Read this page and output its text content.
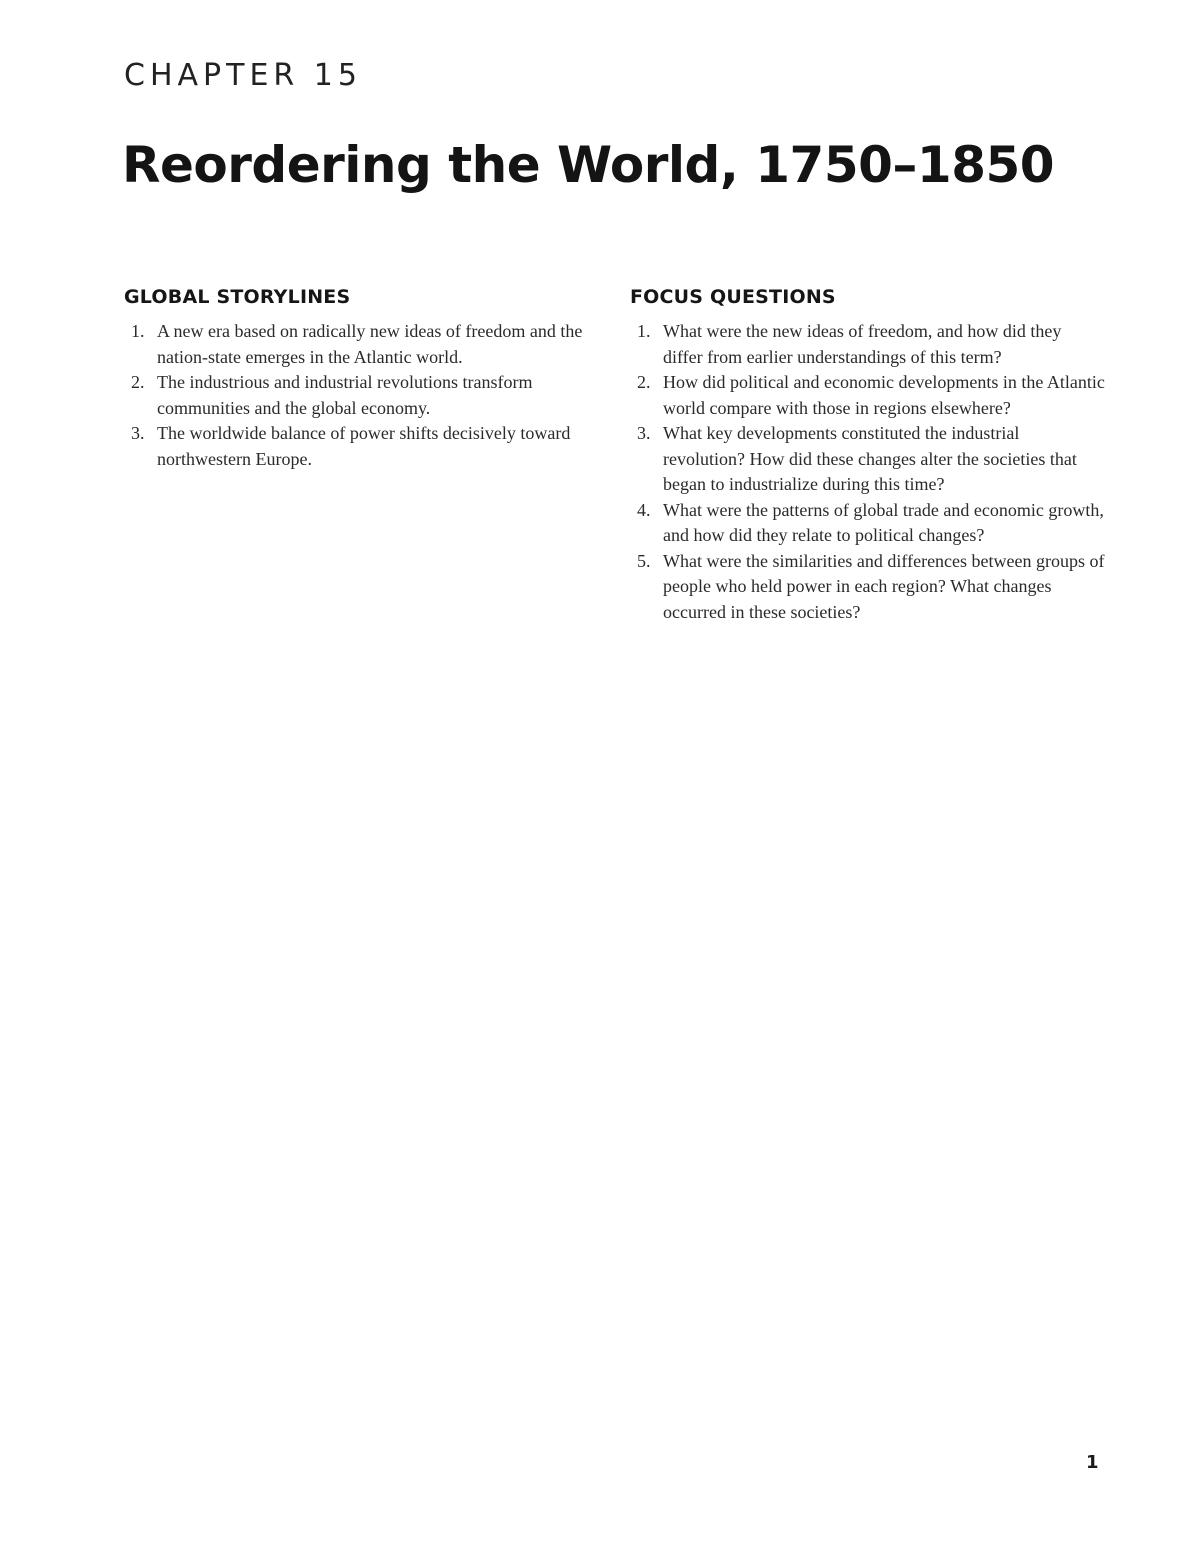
CHAPTER 15
Reordering the World, 1750–1850
GLOBAL STORYLINES
1. A new era based on radically new ideas of freedom and the nation-state emerges in the Atlantic world.
2. The industrious and industrial revolutions transform communities and the global economy.
3. The worldwide balance of power shifts decisively toward northwestern Europe.
FOCUS QUESTIONS
1. What were the new ideas of freedom, and how did they differ from earlier understandings of this term?
2. How did political and economic developments in the Atlantic world compare with those in regions elsewhere?
3. What key developments constituted the industrial revolution? How did these changes alter the societies that began to industrialize during this time?
4. What were the patterns of global trade and economic growth, and how did they relate to political changes?
5. What were the similarities and differences between groups of people who held power in each region? What changes occurred in these societies?
1
